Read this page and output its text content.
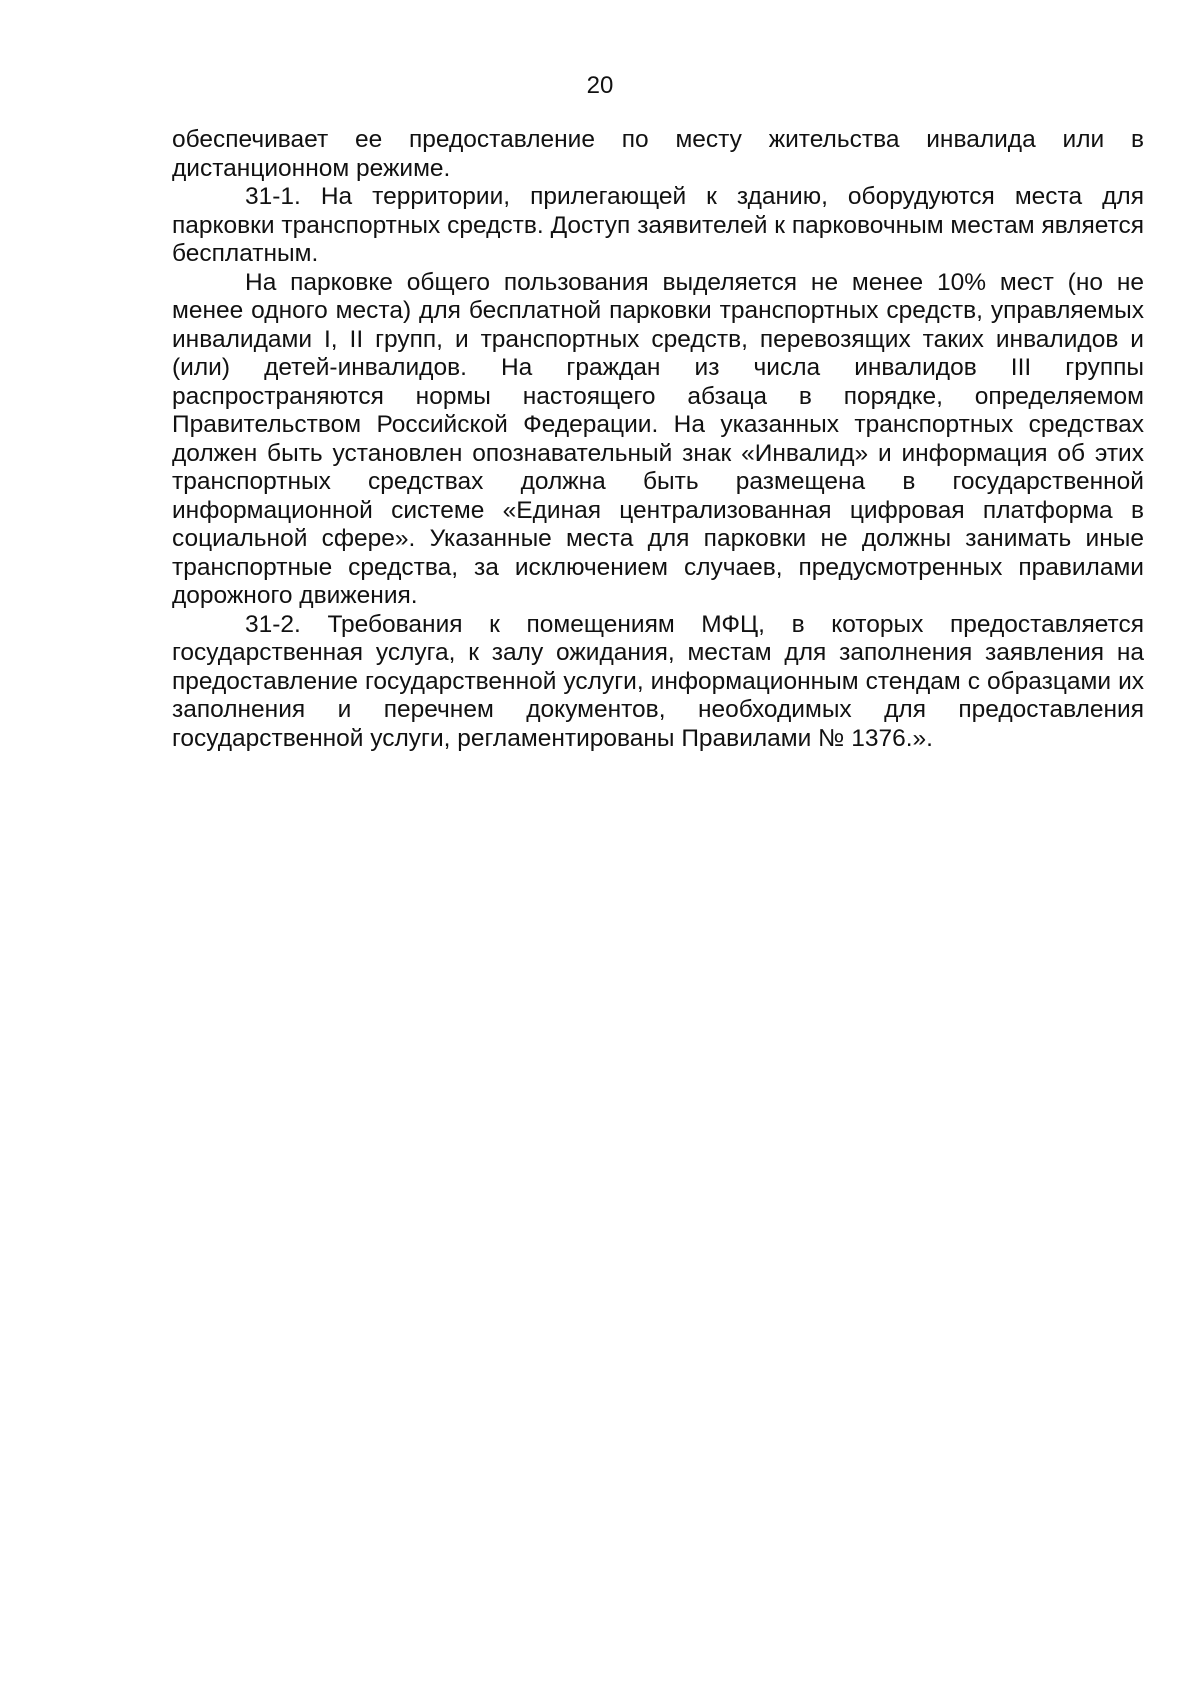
20

обеспечивает ее предоставление по месту жительства инвалида или в дистанционном режиме.

31-1. На территории, прилегающей к зданию, оборудуются места для парковки транспортных средств. Доступ заявителей к парковочным местам является бесплатным.

На парковке общего пользования выделяется не менее 10% мест (но не менее одного места) для бесплатной парковки транспортных средств, управляемых инвалидами I, II групп, и транспортных средств, перевозящих таких инвалидов и (или) детей-инвалидов. На граждан из числа инвалидов III группы распространяются нормы настоящего абзаца в порядке, определяемом Правительством Российской Федерации. На указанных транспортных средствах должен быть установлен опознавательный знак «Инвалид» и информация об этих транспортных средствах должна быть размещена в государственной информационной системе «Единая централизованная цифровая платформа в социальной сфере». Указанные места для парковки не должны занимать иные транспортные средства, за исключением случаев, предусмотренных правилами дорожного движения.

31-2. Требования к помещениям МФЦ, в которых предоставляется государственная услуга, к залу ожидания, местам для заполнения заявления на предоставление государственной услуги, информационным стендам с образцами их заполнения и перечнем документов, необходимых для предоставления государственной услуги, регламентированы Правилами № 1376.».
